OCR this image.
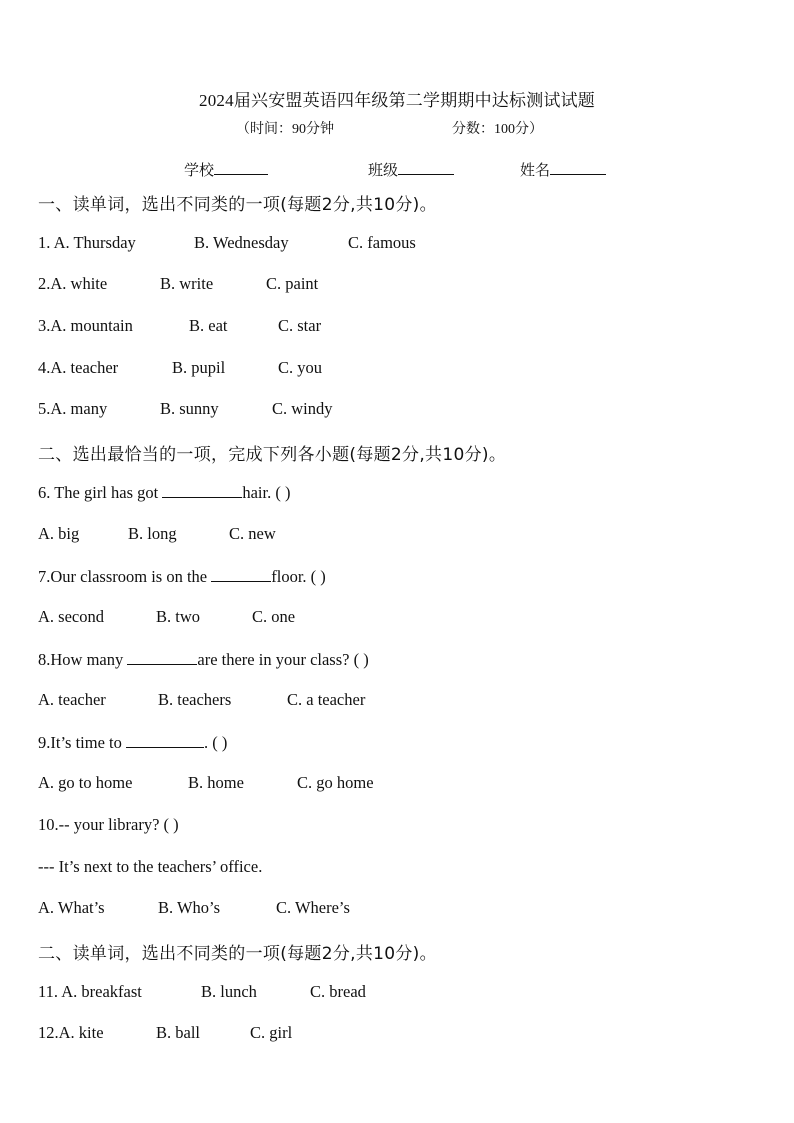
2024届兴安盟英语四年级第二学期期中达标测试试题
（时间：90分钟	分数：100分）
学校	班级	姓名
一、读单词，选出不同类的一项(每题2分,共10分)。
1. A. Thursday	B. Wednesday	C. famous
2.A. white	B. write	C. paint
3.A. mountain	B. eat	C. star
4.A. teacher	B. pupil	C. you
5.A. many	B. sunny	C. windy
二、选出最恰当的一项，完成下列各小题(每题2分,共10分)。
6. The girl has got	hair. ( )
A. big	B. long	C. new
7.Our classroom is on the	floor. ( )
A. second	B. two	C. one
8.How many	are there in your class? ( )
A. teacher	B. teachers	C. a teacher
9.It’s time to	. ( )
A. go to home	B. home	C. go home
10.-- your library? ( )
--- It’s next to the teachers’ office.
A. What’s	B. Who’s	C. Where’s
二、读单词，选出不同类的一项(每题2分,共10分)。
11. A. breakfast	B. lunch	C. bread
12.A. kite	B. ball	C. girl
